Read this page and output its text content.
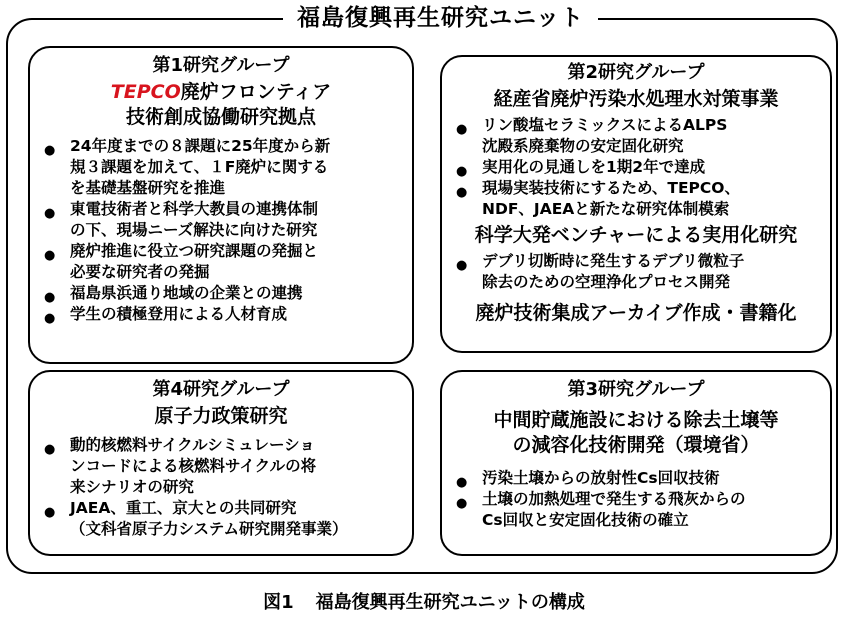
福島復興再生研究ユニット
第1研究グループ
TEPCO廃炉フロンティア
技術創成協働研究拠点
● 24年度までの８課題に25年度から新
規３課題を加えて、１F廃炉に関する
を基礎基盤研究を推進
● 東電技術者と科学大教員の連携体制
の下、現場ニーズ解決に向けた研究
● 廃炉推進に役立つ研究課題の発掘と
必要な研究者の発掘
● 福島県浜通り地域の企業との連携
● 学生の積極登用による人材育成
第2研究グループ
経産省廃炉汚染水処理水対策事業
● リン酸塩セラミックスによるALPS
沈殿系廃棄物の安定固化研究
● 実用化の見通しを1期2年で達成
● 現場実装技術にするため、TEPCO、
NDF、JAEAと新たな研究体制模索
科学大発ベンチャーによる実用化研究
● デブリ切断時に発生するデブリ微粒子
除去のための空理浄化プロセス開発
廃炉技術集成アーカイブ作成・書籍化
第4研究グループ
原子力政策研究
● 動的核燃料サイクルシミュレーショ
ンコードによる核燃料サイクルの将
来シナリオの研究
● JAEA、重工、京大との共同研究
（文科省原子力システム研究開発事業）
第3研究グループ
中間貯蔵施設における除去土壌等
の減容化技術開発（環境省）
● 汚染土壌からの放射性Cs回収技術
● 土壌の加熱処理で発生する飛灰からの
Cs回収と安定固化技術の確立
図1 福島復興再生研究ユニットの構成
